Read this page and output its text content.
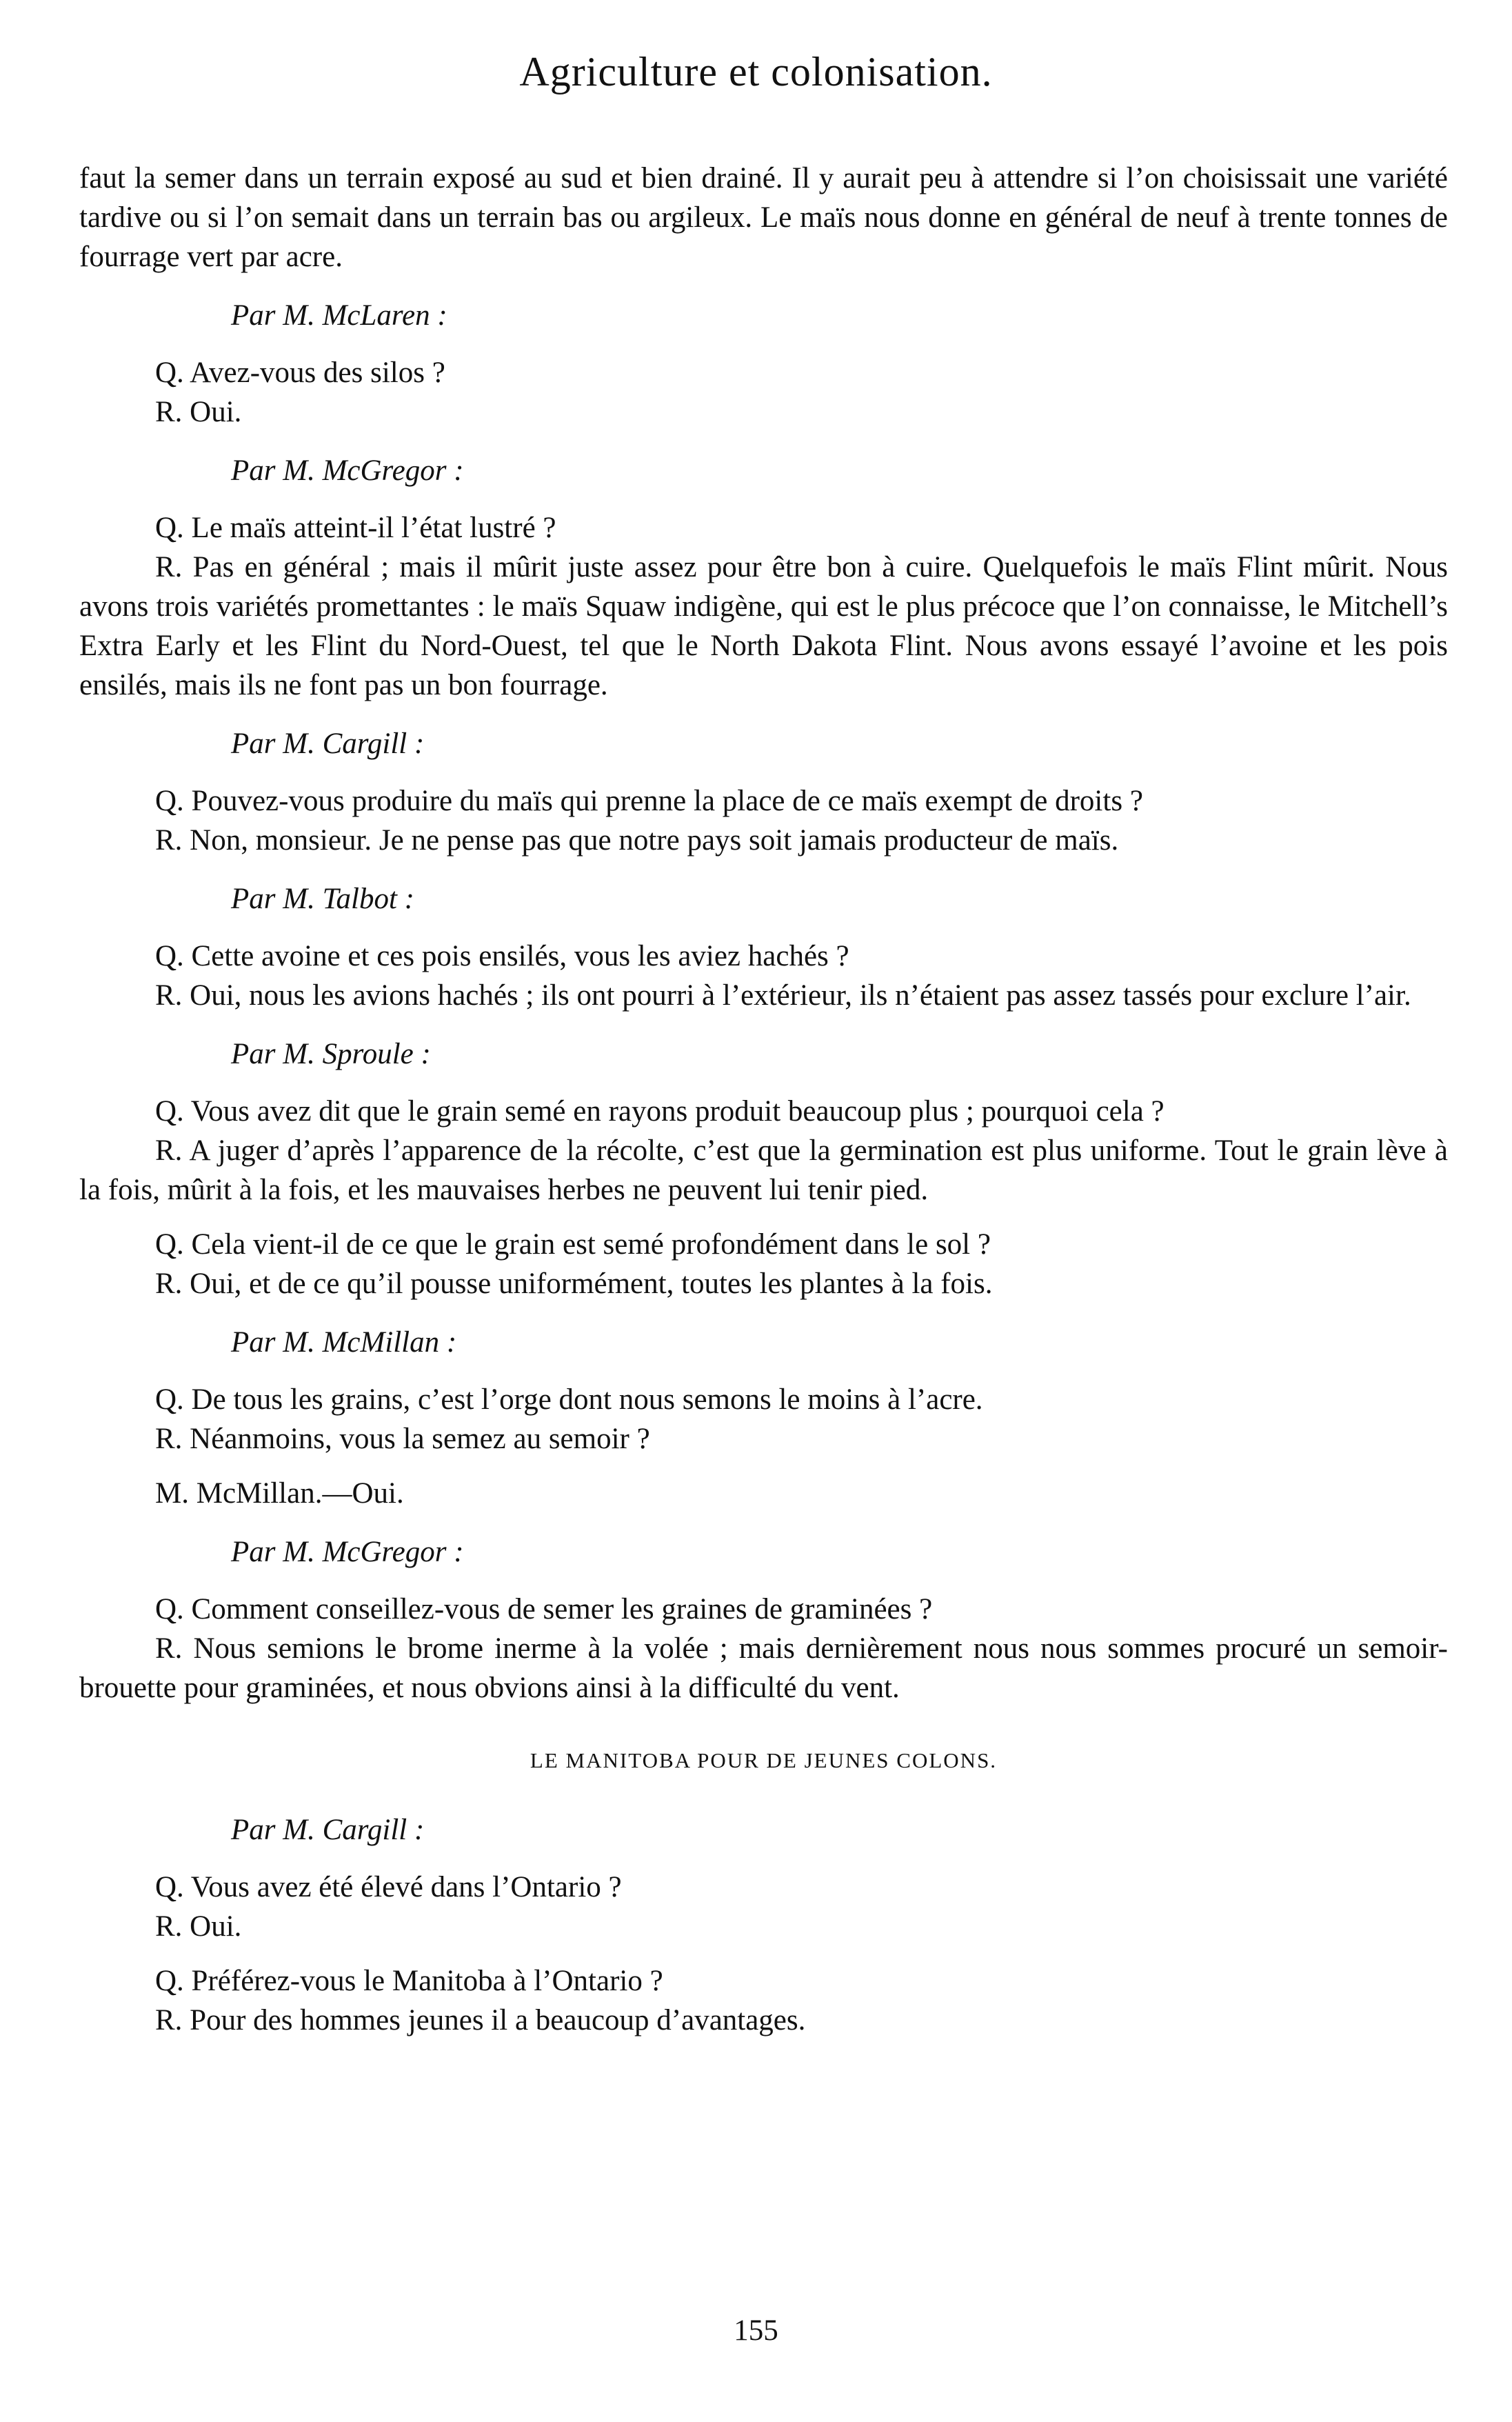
Agriculture et colonisation.

faut la semer dans un terrain exposé au sud et bien drainé. Il y aurait peu à attendre si l’on choisissait une variété tardive ou si l’on semait dans un terrain bas ou argileux. Le maïs nous donne en général de neuf à trente tonnes de fourrage vert par acre.

Par M. McLaren :

Q. Avez-vous des silos ?

R. Oui.

Par M. McGregor :

Q. Le maïs atteint-il l’état lustré ?

R. Pas en général ; mais il mûrit juste assez pour être bon à cuire. Quelquefois le maïs Flint mûrit. Nous avons trois variétés promettantes : le maïs Squaw indigène, qui est le plus précoce que l’on connaisse, le Mitchell’s Extra Early et les Flint du Nord-Ouest, tel que le North Dakota Flint. Nous avons essayé l’avoine et les pois ensilés, mais ils ne font pas un bon fourrage.

Par M. Cargill :

Q. Pouvez-vous produire du maïs qui prenne la place de ce maïs exempt de droits ?

R. Non, monsieur. Je ne pense pas que notre pays soit jamais producteur de maïs.

Par M. Talbot :

Q. Cette avoine et ces pois ensilés, vous les aviez hachés ?

R. Oui, nous les avions hachés ; ils ont pourri à l’extérieur, ils n’étaient pas assez tassés pour exclure l’air.

Par M. Sproule :

Q. Vous avez dit que le grain semé en rayons produit beaucoup plus ; pourquoi cela ?

R. A juger d’après l’apparence de la récolte, c’est que la germination est plus uniforme. Tout le grain lève à la fois, mûrit à la fois, et les mauvaises herbes ne peuvent lui tenir pied.

Q. Cela vient-il de ce que le grain est semé profondément dans le sol ?

R. Oui, et de ce qu’il pousse uniformément, toutes les plantes à la fois.

Par M. McMillan :

Q. De tous les grains, c’est l’orge dont nous semons le moins à l’acre.

R. Néanmoins, vous la semez au semoir ?

M. McMillan.—Oui.

Par M. McGregor :

Q. Comment conseillez-vous de semer les graines de graminées ?

R. Nous semions le brome inerme à la volée ; mais dernièrement nous nous sommes procuré un semoir-brouette pour graminées, et nous obvions ainsi à la difficulté du vent.

LE MANITOBA POUR DE JEUNES COLONS.
Par M. Cargill :

Q. Vous avez été élevé dans l’Ontario ?

R. Oui.

Q. Préférez-vous le Manitoba à l’Ontario ?

R. Pour des hommes jeunes il a beaucoup d’avantages.

155
